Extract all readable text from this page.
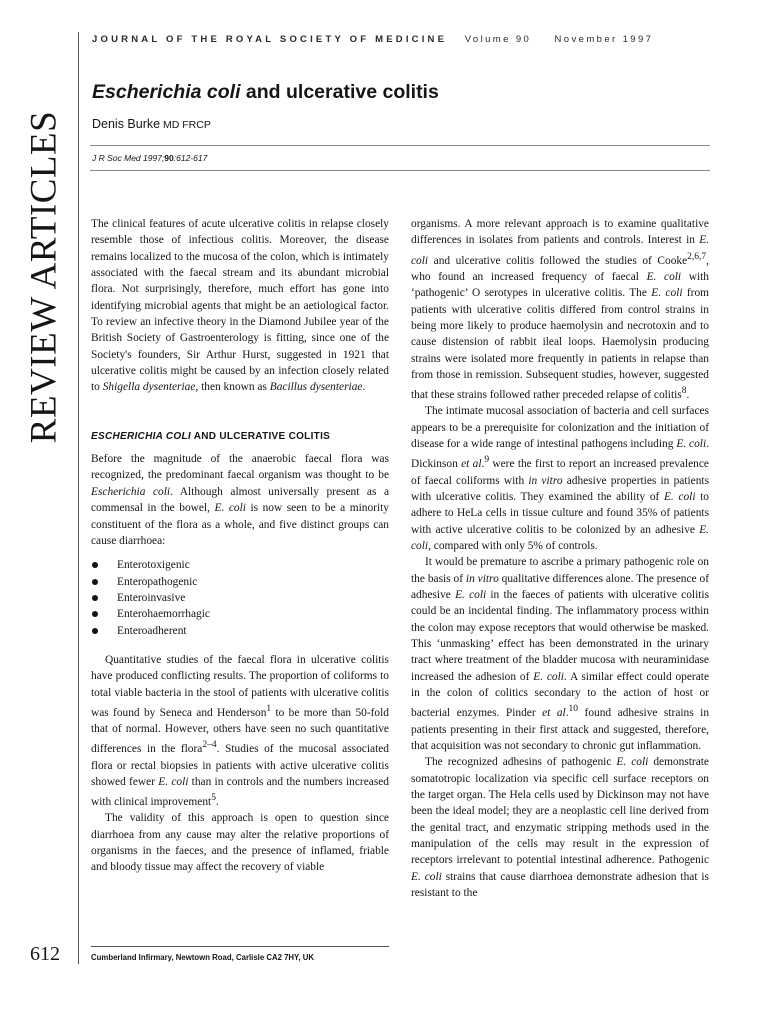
REVIEW ARTICLES
JOURNAL OF THE ROYAL SOCIETY OF MEDICINE Volume 90 November 1997
Escherichia coli and ulcerative colitis
Denis Burke MD FRCP
J R Soc Med 1997;90:612-617

The clinical features of acute ulcerative colitis in relapse closely resemble those of infectious colitis. Moreover, the disease remains localized to the mucosa of the colon, which is intimately associated with the faecal stream and its abundant microbial flora. Not surprisingly, therefore, much effort has gone into identifying microbial agents that might be an aetiological factor. To review an infective theory in the Diamond Jubilee year of the British Society of Gastroenterology is fitting, since one of the Society's founders, Sir Arthur Hurst, suggested in 1921 that ulcerative colitis might be caused by an infection closely related to Shigella dysenteriae, then known as Bacillus dysenteriae.

ESCHERICHIA COLI AND ULCERATIVE COLITIS

Before the magnitude of the anaerobic faecal flora was recognized, the predominant faecal organism was thought to be Escherichia coli. Although almost universally present as a commensal in the bowel, E. coli is now seen to be a minority constituent of the flora as a whole, and five distinct groups can cause diarrhoea:

Enterotoxigenic
Enteropathogenic
Enteroinvasive
Enterohaemorrhagic
Enteroadherent

Quantitative studies of the faecal flora in ulcerative colitis have produced conflicting results. The proportion of coliforms to total viable bacteria in the stool of patients with ulcerative colitis was found by Seneca and Henderson$^1$ to be more than 50-fold that of normal. However, others have seen no such quantitative differences in the flora$^{2-4}$. Studies of the mucosal associated flora or rectal biopsies in patients with active ulcerative colitis showed fewer E. coli than in controls and the numbers increased with clinical improvement$^5$.

The validity of this approach is open to question since diarrhoea from any cause may alter the relative proportions of organisms in the faeces, and the presence of inflamed, friable and bloody tissue may affect the recovery of viable

organisms. A more relevant approach is to examine qualitative differences in isolates from patients and controls. Interest in E. coli and ulcerative colitis followed the studies of Cooke$^{2,6,7}$, who found an increased frequency of faecal E. coli with ‘pathogenic’ O serotypes in ulcerative colitis. The E. coli from patients with ulcerative colitis differed from control strains in being more likely to produce haemolysin and necrotoxin and to cause distension of rabbit ileal loops. Haemolysin producing strains were isolated more frequently in patients in relapse than from those in remission. Subsequent studies, however, suggested that these strains followed rather preceded relapse of colitis$^8$.

The intimate mucosal association of bacteria and cell surfaces appears to be a prerequisite for colonization and the initiation of disease for a wide range of intestinal pathogens including E. coli. Dickinson et al.$^9$ were the first to report an increased prevalence of faecal coliforms with in vitro adhesive properties in patients with ulcerative colitis. They examined the ability of E. coli to adhere to HeLa cells in tissue culture and found 35% of patients with active ulcerative colitis to be colonized by an adhesive E. coli, compared with only 5% of controls.

It would be premature to ascribe a primary pathogenic role on the basis of in vitro qualitative differences alone. The presence of adhesive E. coli in the faeces of patients with ulcerative colitis could be an incidental finding. The inflammatory process within the colon may expose receptors that would otherwise be masked. This ‘unmasking’ effect has been demonstrated in the urinary tract where treatment of the bladder mucosa with neuraminidase increased the adhesion of E. coli. A similar effect could operate in the colon of colitics secondary to the action of host or bacterial enzymes. Pinder et al.$^{10}$ found adhesive strains in patients presenting in their first attack and suggested, therefore, that acquisition was not secondary to chronic gut inflammation.

The recognized adhesins of pathogenic E. coli demonstrate somatotropic localization via specific cell surface receptors on the target organ. The Hela cells used by Dickinson may not have been the ideal model; they are a neoplastic cell line derived from the genital tract, and enzymatic stripping methods used in the manipulation of the cells may result in the expression of receptors irrelevant to potential intestinal adherence. Pathogenic E. coli strains that cause diarrhoea demonstrate adhesion that is resistant to the

Cumberland Infirmary, Newtown Road, Carlisle CA2 7HY, UK
612
